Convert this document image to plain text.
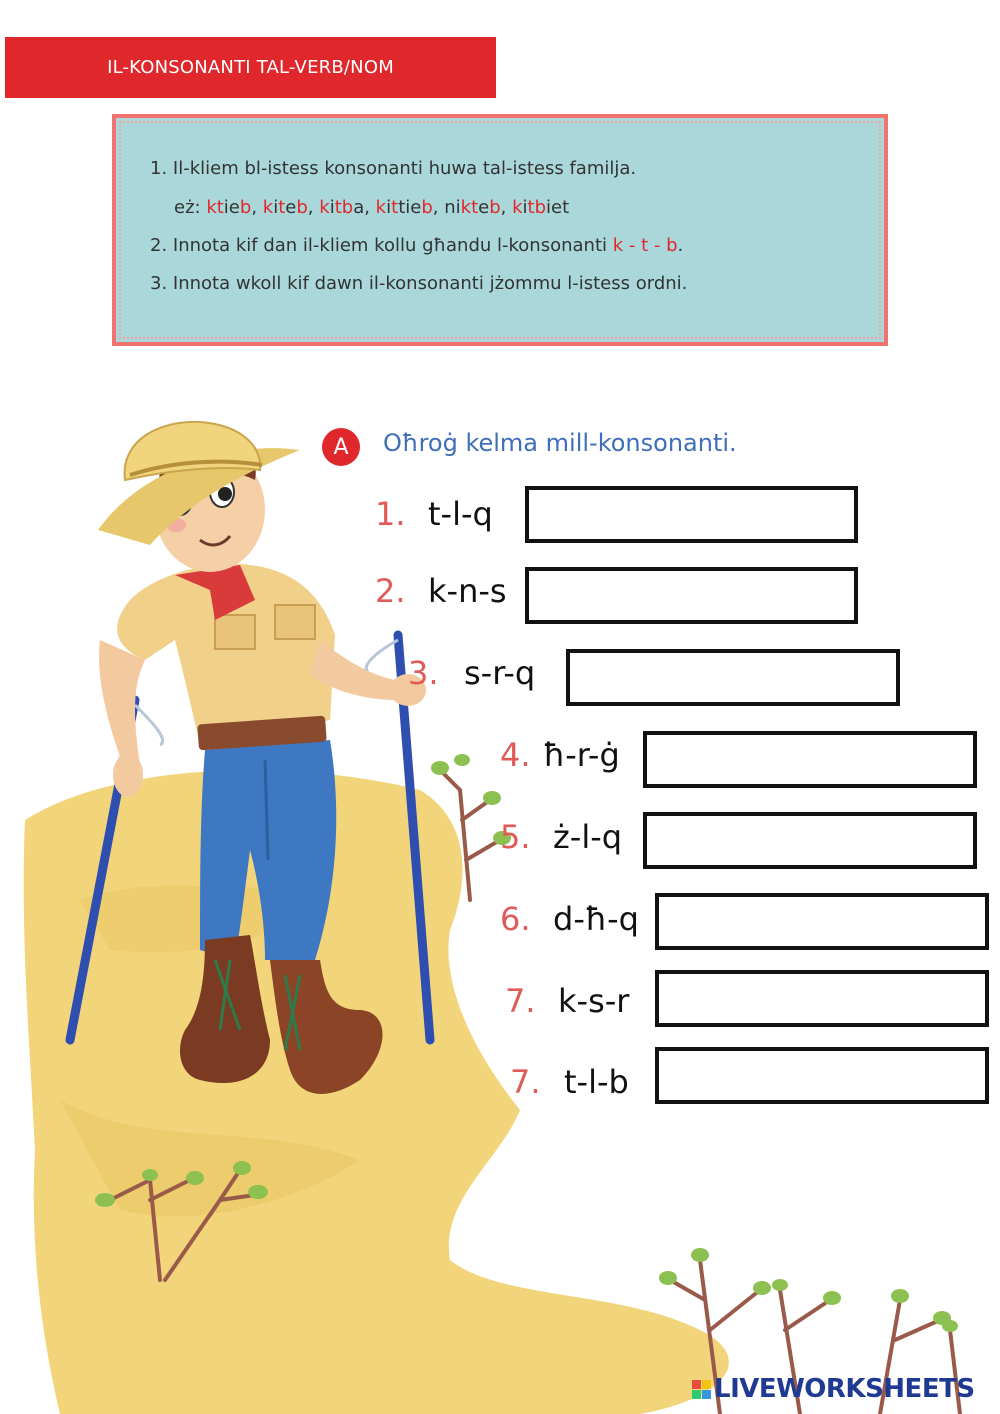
IL-KONSONANTI TAL-VERB/NOM
1. Il-kliem bl-istess konsonanti huwa tal-istess familja.
eż: ktieb, kiteb, kitba, kittieb, nikteb, kitbiet
2. Innota kif dan il-kliem kollu għandu l-konsonanti k - t - b.
3. Innota wkoll kif dawn il-konsonanti jżommu l-istess ordni.
A	Oħroġ kelma mill-konsonanti.
1. t-l-q
2. k-n-s
3. s-r-q
4. ħ-r-ġ
5. ż-l-q
6. d-ħ-q
7. k-s-r
7. t-l-b
LIVEWORKSHEETS
